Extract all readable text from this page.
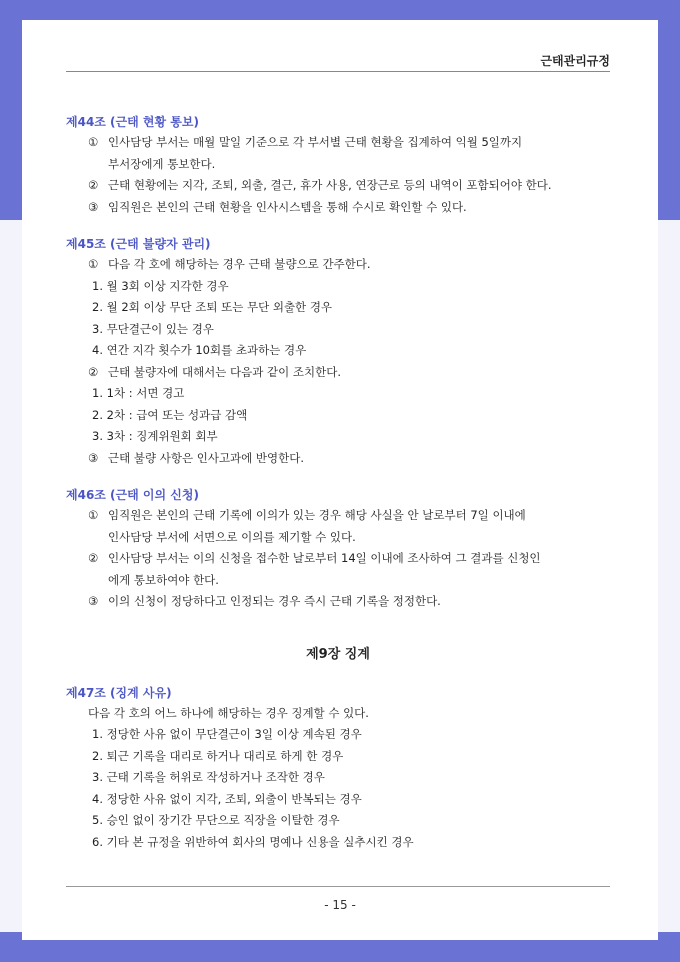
근태관리규정

제44조 (근태 현황 통보)

① 인사담당 부서는 매월 말일 기준으로 각 부서별 근태 현황을 집계하여 익월 5일까지

부서장에게 통보한다.

② 근태 현황에는 지각, 조퇴, 외출, 결근, 휴가 사용, 연장근로 등의 내역이 포함되어야 한다.

③ 임직원은 본인의 근태 현황을 인사시스템을 통해 수시로 확인할 수 있다.

제45조 (근태 불량자 관리)

① 다음 각 호에 해당하는 경우 근태 불량으로 간주한다.

1. 월 3회 이상 지각한 경우

2. 월 2회 이상 무단 조퇴 또는 무단 외출한 경우

3. 무단결근이 있는 경우

4. 연간 지각 횟수가 10회를 초과하는 경우

② 근태 불량자에 대해서는 다음과 같이 조치한다.

1. 1차 : 서면 경고

2. 2차 : 급여 또는 성과급 감액

3. 3차 : 징계위원회 회부

③ 근태 불량 사항은 인사고과에 반영한다.

제46조 (근태 이의 신청)

① 임직원은 본인의 근태 기록에 이의가 있는 경우 해당 사실을 안 날로부터 7일 이내에

인사담당 부서에 서면으로 이의를 제기할 수 있다.

② 인사담당 부서는 이의 신청을 접수한 날로부터 14일 이내에 조사하여 그 결과를 신청인

에게 통보하여야 한다.

③ 이의 신청이 정당하다고 인정되는 경우 즉시 근태 기록을 정정한다.

제9장 징계

제47조 (징계 사유)

다음 각 호의 어느 하나에 해당하는 경우 징계할 수 있다.

1. 정당한 사유 없이 무단결근이 3일 이상 계속된 경우

2. 퇴근 기록을 대리로 하거나 대리로 하게 한 경우

3. 근태 기록을 허위로 작성하거나 조작한 경우

4. 정당한 사유 없이 지각, 조퇴, 외출이 반복되는 경우

5. 승인 없이 장기간 무단으로 직장을 이탈한 경우

6. 기타 본 규정을 위반하여 회사의 명예나 신용을 실추시킨 경우

- 15 -
